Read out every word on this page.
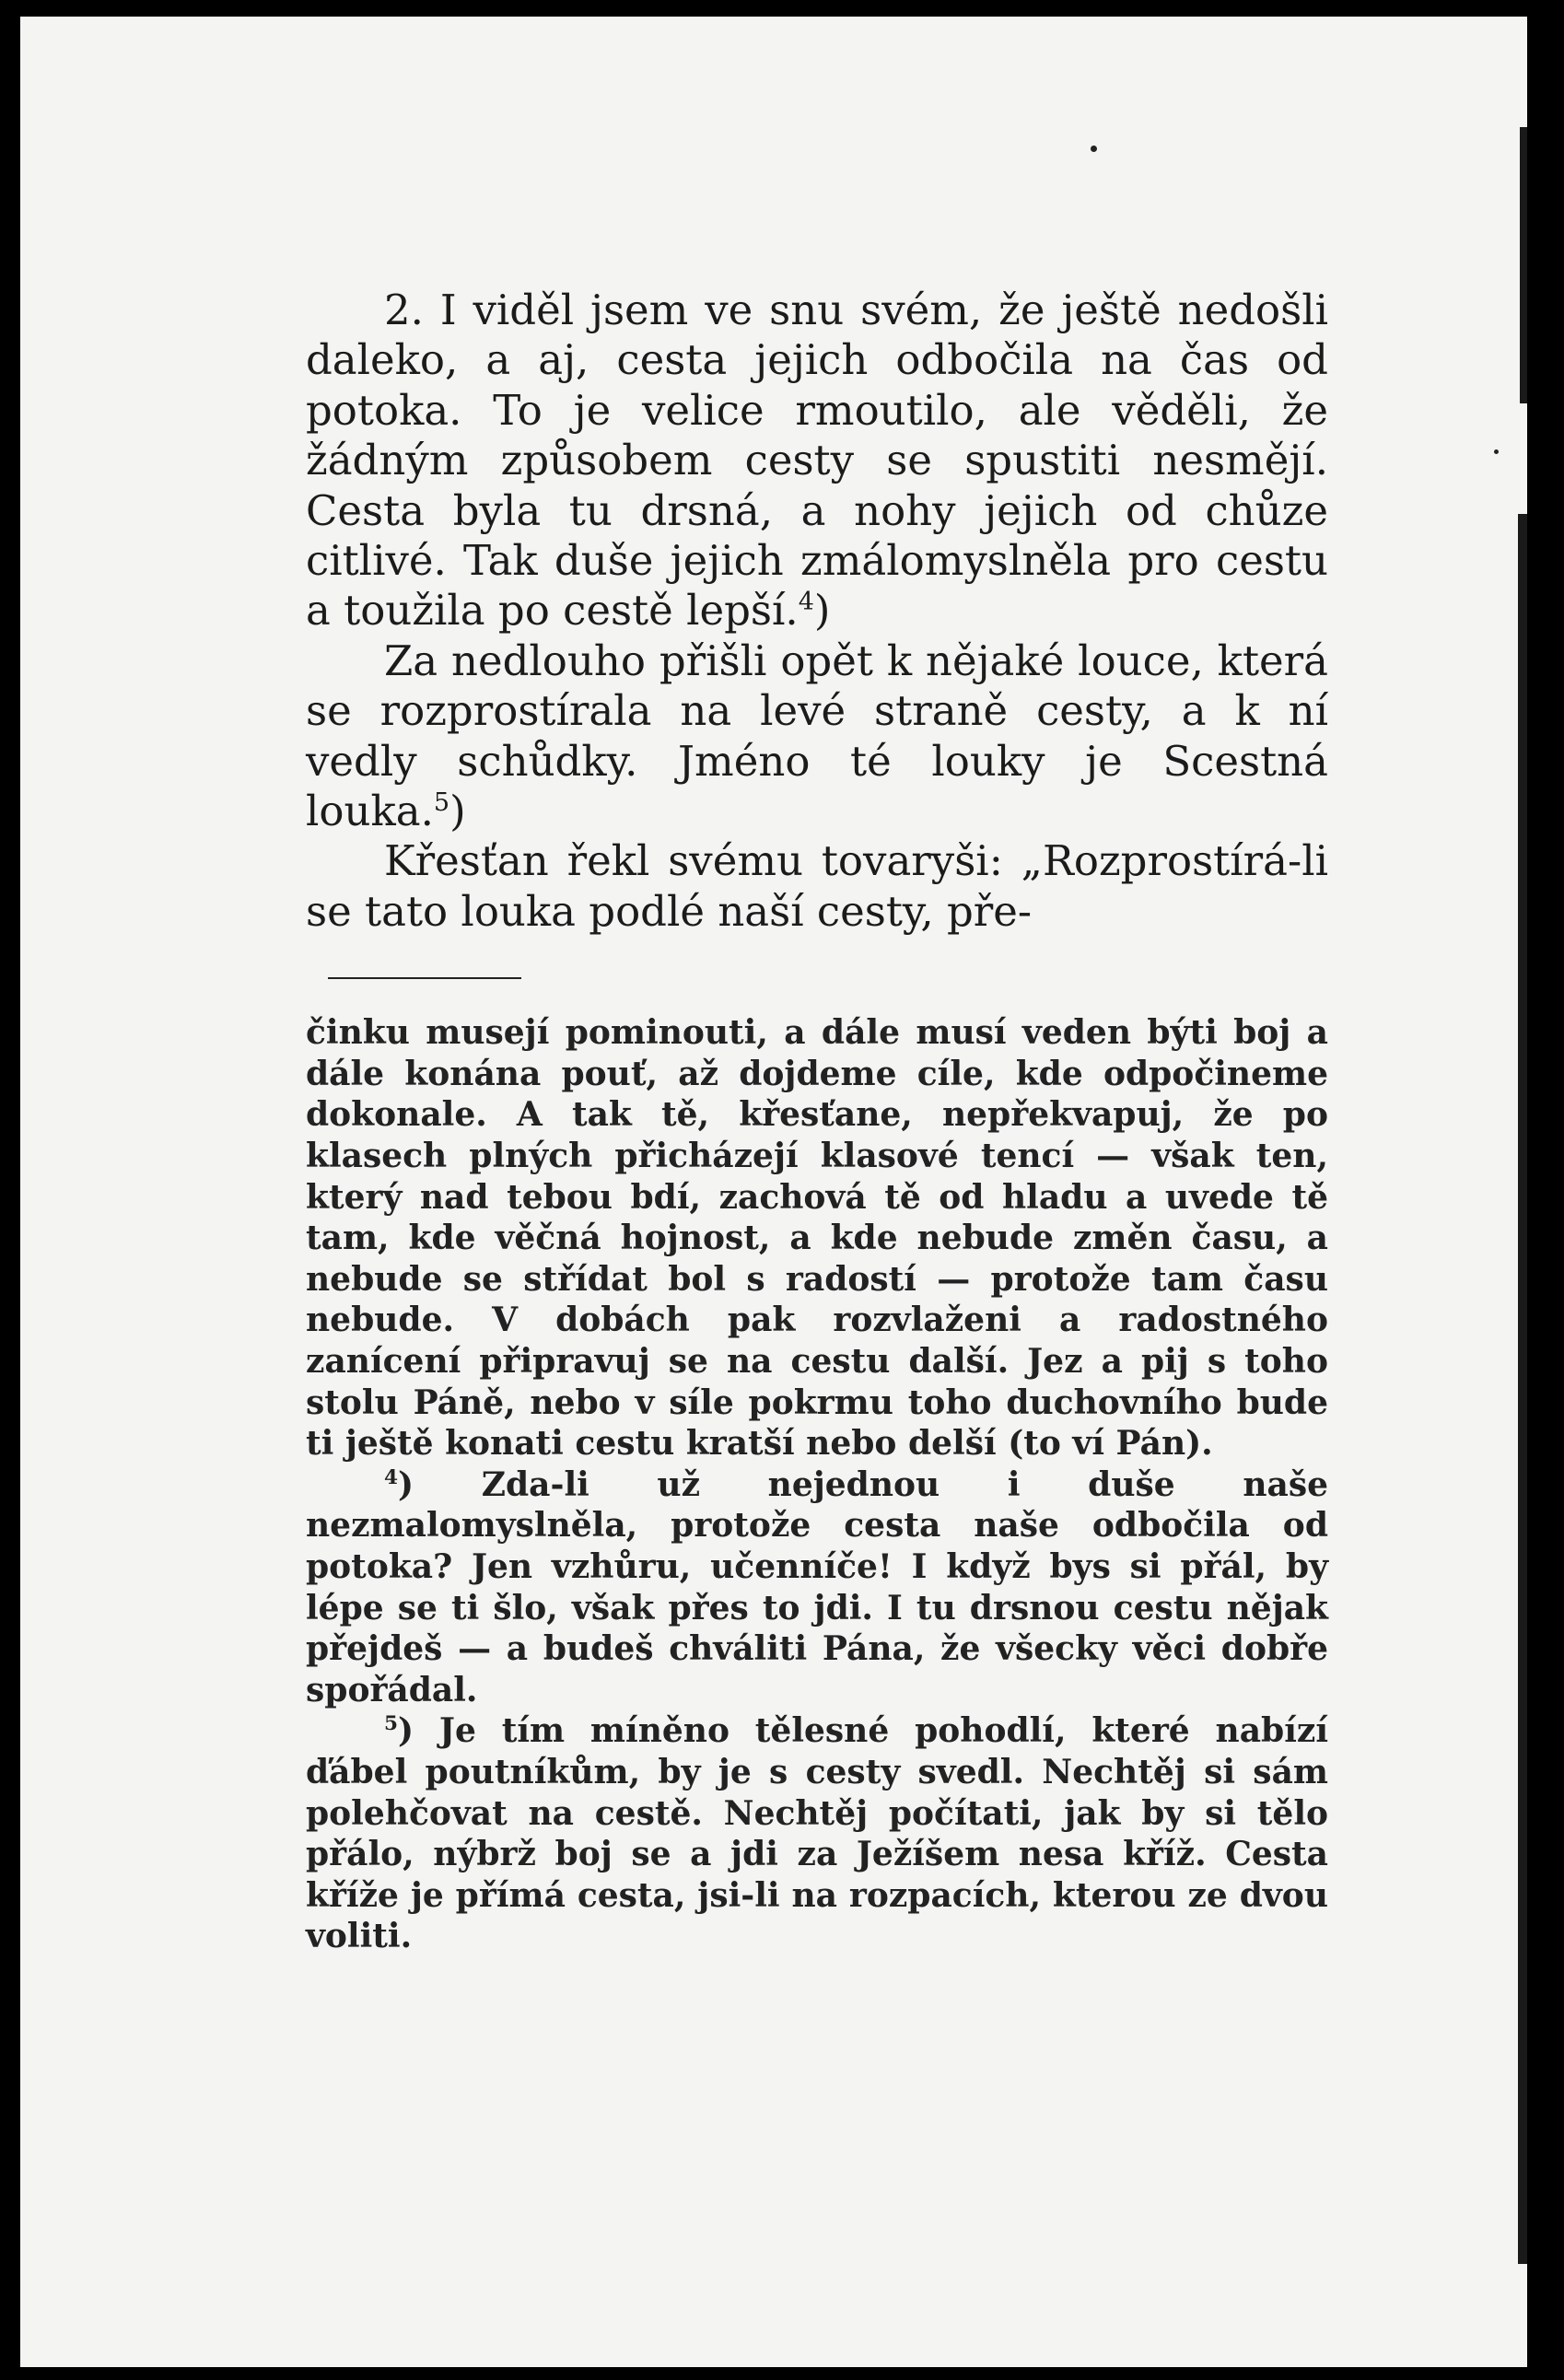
2. I viděl jsem ve snu svém, že ještě nedošli daleko, a aj, cesta jejich odbočila na čas od potoka. To je velice rmoutilo, ale věděli, že žádným způsobem cesty se spustiti nesmějí. Cesta byla tu drsná, a nohy jejich od chůze citlivé. Tak duše jejich zmálomyslněla pro cestu a toužila po cestě lepší.$^4$)

Za nedlouho přišli opět k nějaké louce, která se rozprostírala na levé straně cesty, a k ní vedly schůdky. Jméno té louky je Scestná louka.$^5$)

Křesťan řekl svému tovaryši: „Rozprostírá-li se tato louka podlé naší cesty, pře-

činku musejí pominouti, a dále musí veden býti boj a dále konána pouť, až dojdeme cíle, kde odpočineme dokonale. A tak tě, křesťane, nepřekvapuj, že po klasech plných přicházejí klasové tencí — však ten, který nad tebou bdí, zachová tě od hladu a uvede tě tam, kde věčná hojnost, a kde nebude změn času, a nebude se střídat bol s radostí — protože tam času nebude. V dobách pak rozvlaženi a radostného zanícení připravuj se na cestu další. Jez a pij s toho stolu Páně, nebo v síle pokrmu toho duchovního bude ti ještě konati cestu kratší nebo delší (to ví Pán).

$^4$) Zda-li už nejednou i duše naše nezmalomyslněla, protože cesta naše odbočila od potoka? Jen vzhůru, učenníče! I když bys si přál, by lépe se ti šlo, však přes to jdi. I tu drsnou cestu nějak přejdeš — a budeš chváliti Pána, že všecky věci dobře spořádal.

$^5$) Je tím míněno tělesné pohodlí, které nabízí ďábel poutníkům, by je s cesty svedl. Nechtěj si sám polehčovat na cestě. Nechtěj počítati, jak by si tělo přálo, nýbrž boj se a jdi za Ježíšem nesa kříž. Cesta kříže je přímá cesta, jsi-li na rozpacích, kterou ze dvou voliti.
